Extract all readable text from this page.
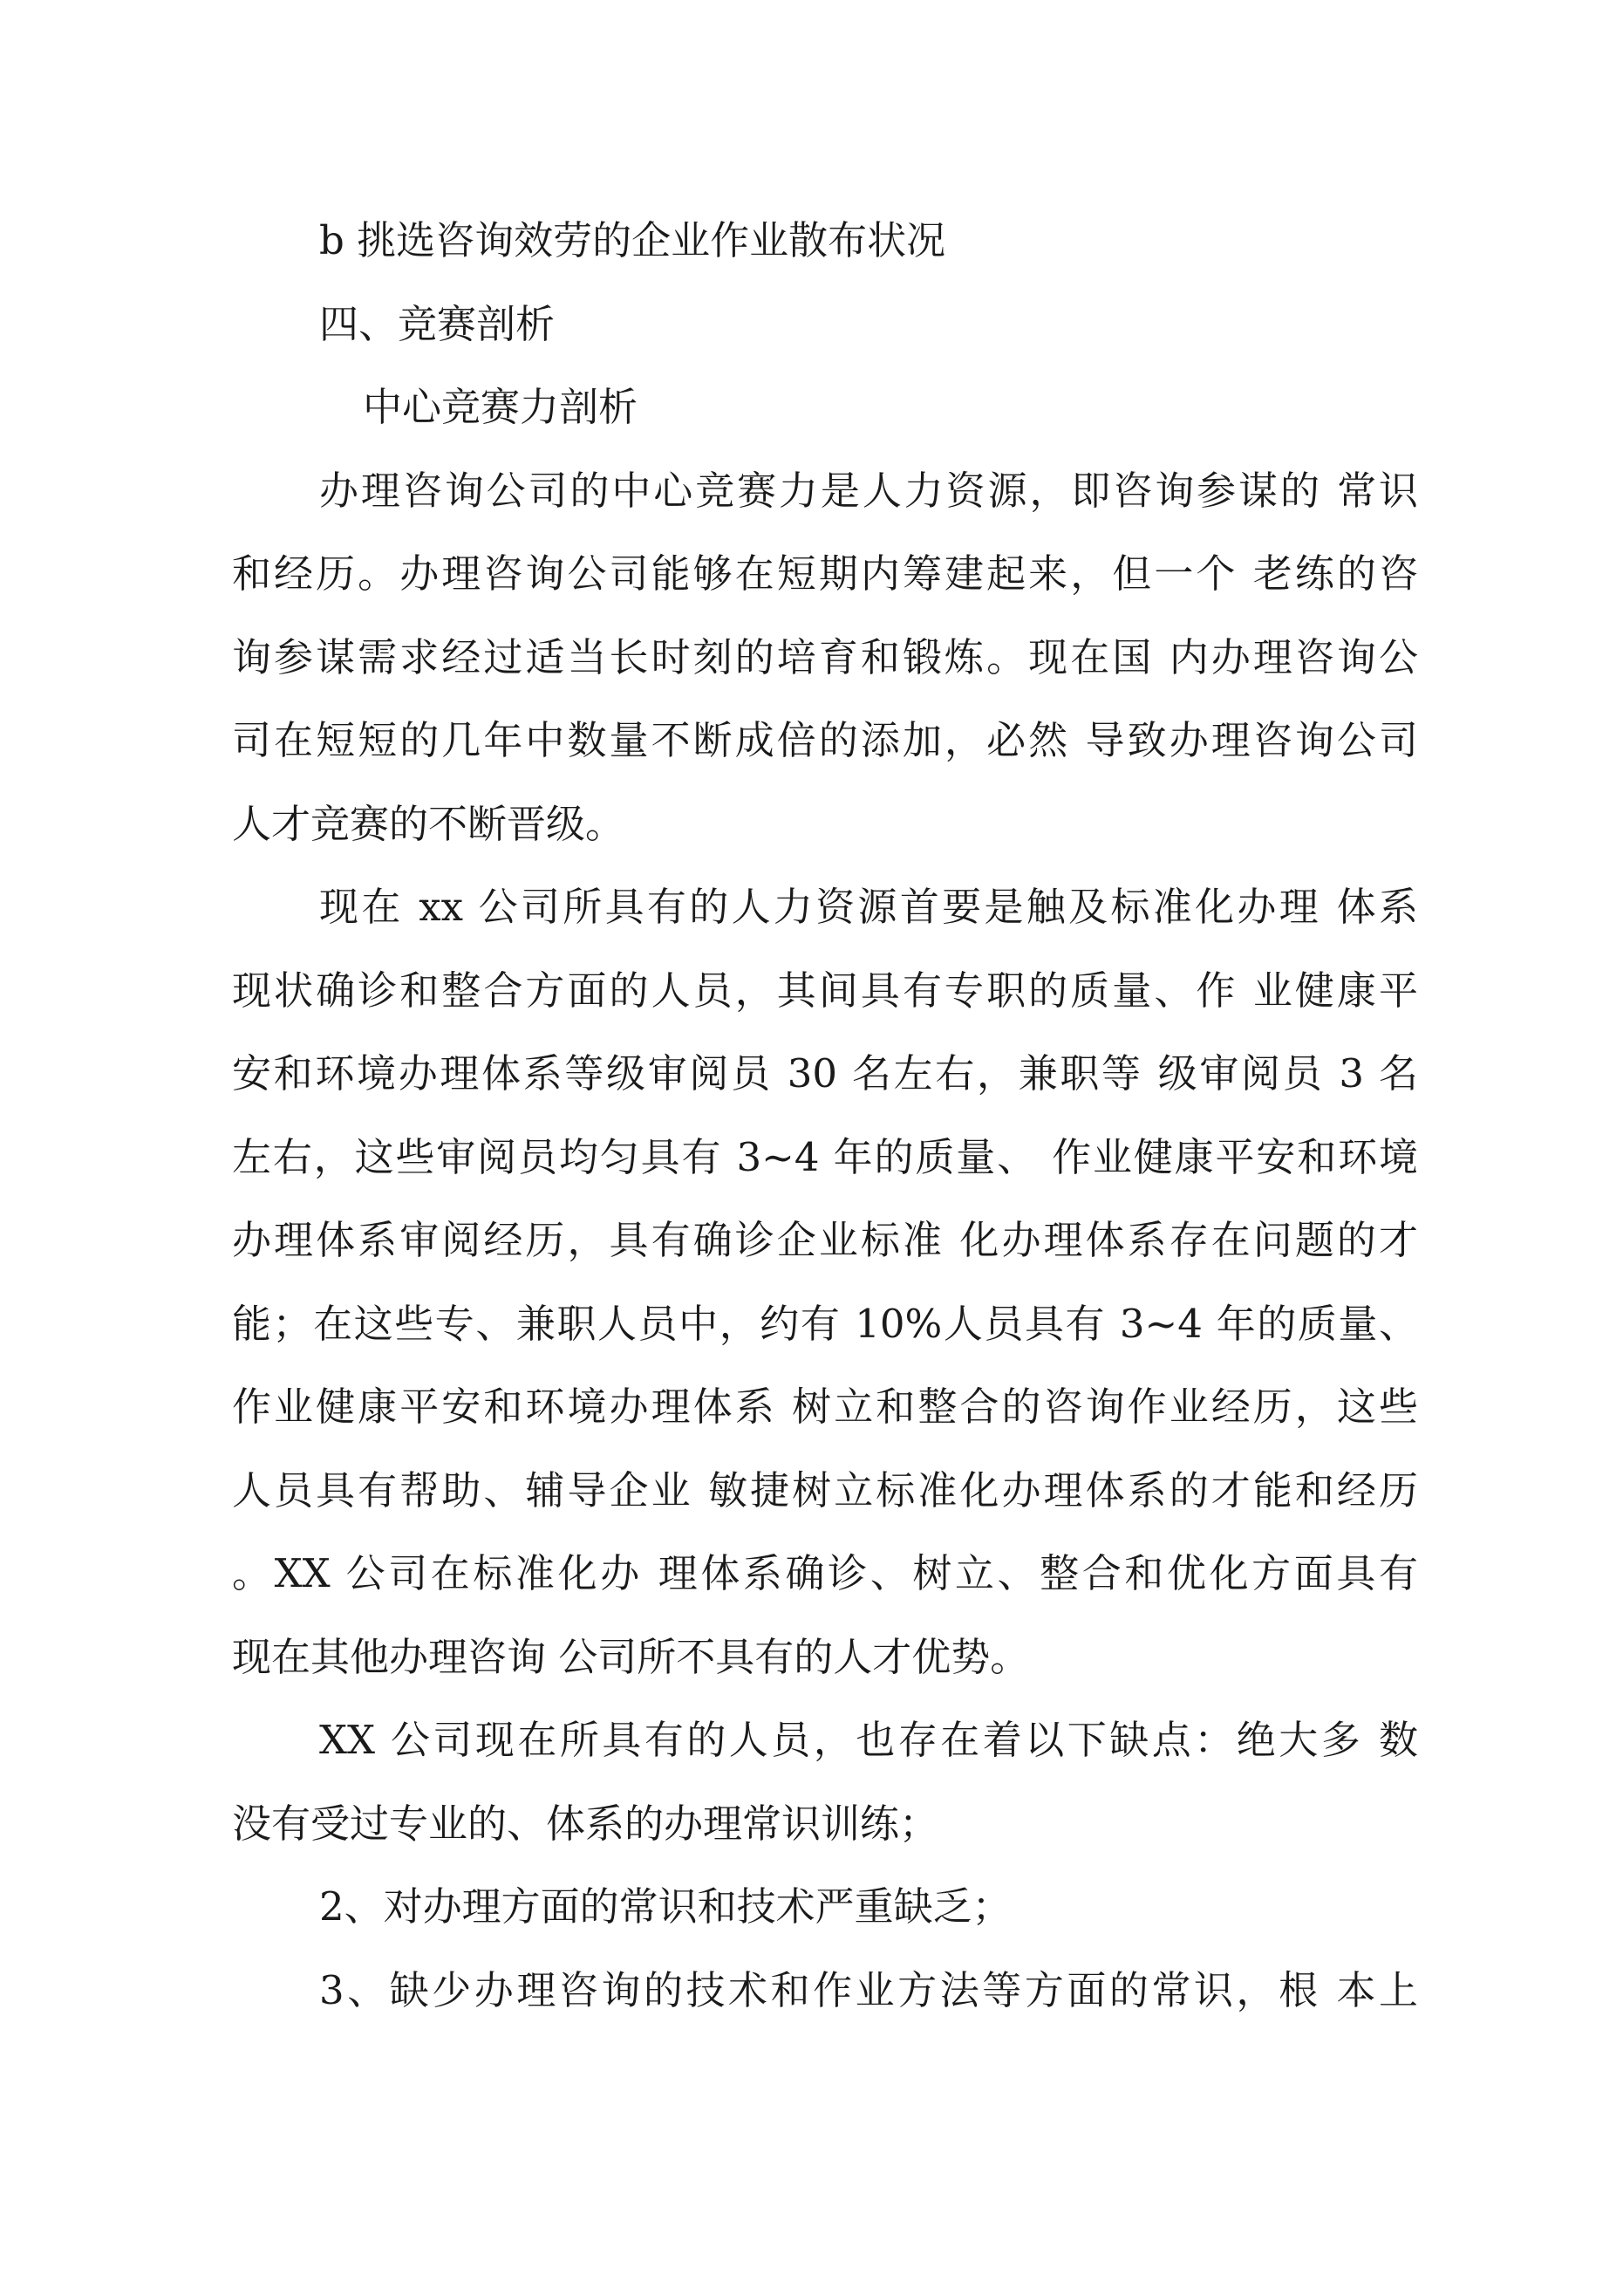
b 挑选咨询效劳的企业作业散布状况
四、竞赛剖析
中心竞赛力剖析
办理咨询公司的中心竞赛力是人力资源，即咨询参谋的 常识
和经历。办理咨询公司能够在短期内筹建起来，但一个 老练的咨
询参谋需求经过适当长时刻的培育和锻炼。现在国 内办理咨询公
司在短短的几年中数量不断成倍的添加，必然 导致办理咨询公司
人才竞赛的不断晋级。
现在 xx 公司所具有的人力资源首要是触及标准化办理 体系
现状确诊和整合方面的人员，其间具有专职的质量、作 业健康平
安和环境办理体系等级审阅员 30 名左右，兼职等 级审阅员 3 名
左右，这些审阅员均匀具有 3~4 年的质量、 作业健康平安和环境
办理体系审阅经历，具有确诊企业标准 化办理体系存在问题的才
能；在这些专、兼职人员中，约有 10%人员具有 3~4 年的质量、
作业健康平安和环境办理体系 树立和整合的咨询作业经历，这些
人员具有帮助、辅导企业 敏捷树立标准化办理体系的才能和经历
。XX 公司在标准化办 理体系确诊、树立、整合和优化方面具有
现在其他办理咨询 公司所不具有的人才优势。
XX 公司现在所具有的人员，也存在着以下缺点：绝大多 数
没有受过专业的、体系的办理常识训练；
2、对办理方面的常识和技术严重缺乏；
3、缺少办理咨询的技术和作业方法等方面的常识，根 本上
